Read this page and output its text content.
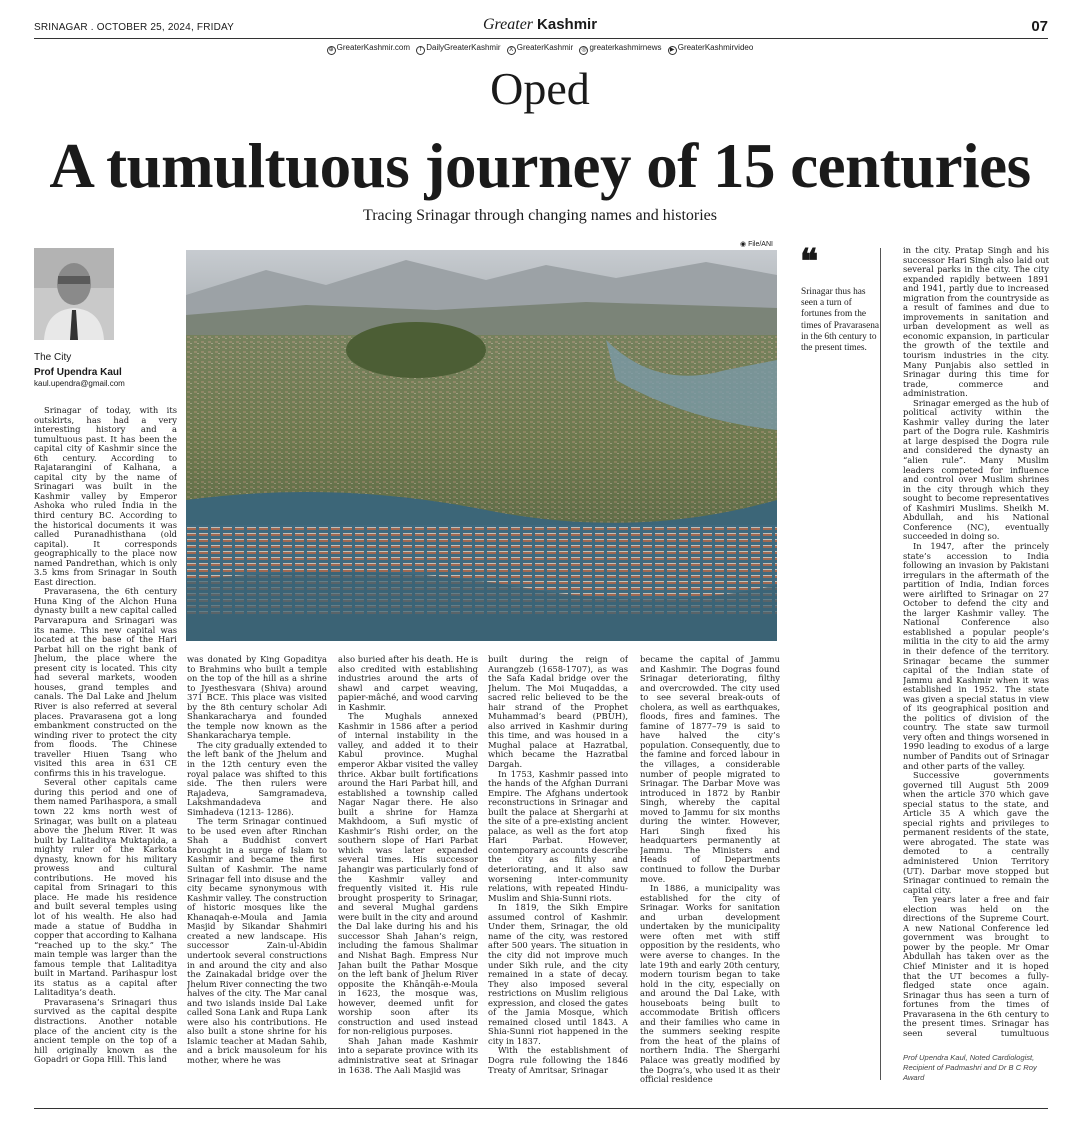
SRINAGAR . OCTOBER 25, 2024, FRIDAY	Greater Kashmir	07
⊕ GreaterKashmir.com f DailyGreaterKashmir X GreaterKashmir ◎ greaterkashmirnews ▶ GreaterKashmirvideo
Oped
A tumultuous journey of 15 centuries
Tracing Srinagar through changing names and histories
The City
Prof Upendra Kaul
kaul.upendra@gmail.com
◉ File/ANI

Srinagar of today, with its outskirts, has had a very interesting history and a tumultuous past. It has been the capital city of Kashmir since the 6th century. According to Rajatarangini of Kalhana, a capital city by the name of Srinagari was built in the Kashmir valley by Emperor Ashoka who ruled India in the third century BC. According to the historical documents it was called Puranadhisthana (old capital). It corresponds geographically to the place now named Pandrethan, which is only 3.5 kms from Srinagar in South East direction.

Pravarasena, the 6th century Huna King of the Alchon Huna dynasty built a new capital called Parvarapura and Srinagari was its name. This new capital was located at the base of the Hari Parbat hill on the right bank of Jhelum, the place where the present city is located. This city had several markets, wooden houses, grand temples and canals. The Dal Lake and Jhelum River is also referred at several places. Pravarasena got a long embankment constructed on the winding river to protect the city from floods. The Chinese traveller Hiuen Tsang who visited this area in 631 CE confirms this in his travelogue.

Several other capitals came during this period and one of them named Parihaspora, a small town 22 kms north west of Srinagar, was built on a plateau above the Jhelum River. It was built by Lalitaditya Muktapida, a mighty ruler of the Karkota dynasty, known for his military prowess and cultural contributions. He moved his capital from Srinagari to this place. He made his residence and built several temples using lot of his wealth. He also had made a statue of Buddha in copper that according to Kalhana “reached up to the sky.” The main temple was larger than the famous temple that Lalitaditya built in Martand. Parihaspur lost its status as a capital after Lalitaditya’s death.

Pravarasena’s Srinagari thus survived as the capital despite distractions. Another notable place of the ancient city is the ancient temple on the top of a hill originally known as the Gopadri or Gopa Hill. This land

was donated by King Gopaditya to Brahmins who built a temple on the top of the hill as a shrine to Jyesthesvara (Shiva) around 371 BCE. This place was visited by the 8th century scholar Adi Shankaracharya and founded the temple now known as the Shankaracharya temple.

The city gradually extended to the left bank of the Jhelum and in the 12th century even the royal palace was shifted to this side. The then rulers were Rajadeva, Samgramadeva, Lakshmandadeva and Simhadeva (1213- 1286).

The term Srinagar continued to be used even after Rinchan Shah a Buddhist convert brought in a surge of Islam to Kashmir and became the first Sultan of Kashmir. The name Srinagar fell into disuse and the city became synonymous with Kashmir valley. The construction of historic mosques like the Khanaqah-e-Moula and Jamia Masjid by Sikandar Shahmiri created a new landscape. His successor Zain-ul-Abidin undertook several constructions in and around the city and also the Zainakadal bridge over the Jhelum River connecting the two halves of the city. The Mar canal and two islands inside Dal Lake called Sona Lank and Rupa Lank were also his contributions. He also built a stone shrine for his Islamic teacher at Madan Sahib, and a brick mausoleum for his mother, where he was

also buried after his death. He is also credited with establishing industries around the arts of shawl and carpet weaving, papier-mâché, and wood carving in Kashmir.

The Mughals annexed Kashmir in 1586 after a period of internal instability in the valley, and added it to their Kabul province. Mughal emperor Akbar visited the valley thrice. Akbar built fortifications around the Hari Parbat hill, and established a township called Nagar Nagar there. He also built a shrine for Hamza Makhdoom, a Sufi mystic of Kashmir’s Rishi order, on the southern slope of Hari Parbat which was later expanded several times. His successor Jahangir was particularly fond of the Kashmir valley and frequently visited it. His rule brought prosperity to Srinagar, and several Mughal gardens were built in the city and around the Dal lake during his and his successor Shah Jahan’s reign, including the famous Shalimar and Nishat Bagh. Empress Nur Jahan built the Pathar Mosque on the left bank of Jhelum River opposite the Khānqāh-e-Moula in 1623, the mosque was, however, deemed unfit for worship soon after its construction and used instead for non-religious purposes.

Shah Jahan made Kashmir into a separate province with its administrative seat at Srinagar in 1638. The Aali Masjid was

built during the reign of Aurangzeb (1658-1707), as was the Safa Kadal bridge over the Jhelum. The Moi Muqaddas, a sacred relic believed to be the hair strand of the Prophet Muhammad’s beard (PBUH), also arrived in Kashmir during this time, and was housed in a Mughal palace at Hazratbal, which became the Hazratbal Dargah.

In 1753, Kashmir passed into the hands of the Afghan Durrani Empire. The Afghans undertook reconstructions in Srinagar and built the palace at Shergarhi at the site of a pre-existing ancient palace, as well as the fort atop Hari Parbat. However, contemporary accounts describe the city as filthy and deteriorating, and it also saw worsening inter-community relations, with repeated Hindu-Muslim and Shia-Sunni riots.

In 1819, the Sikh Empire assumed control of Kashmir. Under them, Srinagar, the old name of the city, was restored after 500 years. The situation in the city did not improve much under Sikh rule, and the city remained in a state of decay. They also imposed several restrictions on Muslim religious expression, and closed the gates of the Jamia Mosque, which remained closed until 1843. A Shia-Sunni riot happened in the city in 1837.

With the establishment of Dogra rule following the 1846 Treaty of Amritsar, Srinagar

became the capital of Jammu and Kashmir. The Dogras found Srinagar deteriorating, filthy and overcrowded. The city used to see several break-outs of cholera, as well as earthquakes, floods, fires and famines. The famine of 1877–79 is said to have halved the city’s population. Consequently, due to the famine and forced labour in the villages, a considerable number of people migrated to Srinagar. The Darbar Move was introduced in 1872 by Ranbir Singh, whereby the capital moved to Jammu for six months during the winter. However, Hari Singh fixed his headquarters permanently at Jammu. The Ministers and Heads of Departments continued to follow the Durbar move.

In 1886, a municipality was established for the city of Srinagar. Works for sanitation and urban development undertaken by the municipality were often met with stiff opposition by the residents, who were averse to changes. In the late 19th and early 20th century, modern tourism began to take hold in the city, especially on and around the Dal Lake, with houseboats being built to accommodate British officers and their families who came in the summers seeking respite from the heat of the plains of northern India. The Shergarhi Palace was greatly modified by the Dogra’s, who used it as their official residence

in the city. Pratap Singh and his successor Hari Singh also laid out several parks in the city. The city expanded rapidly between 1891 and 1941, partly due to increased migration from the countryside as a result of famines and due to improvements in sanitation and urban development as well as economic expansion, in particular the growth of the textile and tourism industries in the city. Many Punjabis also settled in Srinagar during this time for trade, commerce and administration.

Srinagar emerged as the hub of political activity within the Kashmir valley during the later part of the Dogra rule. Kashmiris at large despised the Dogra rule and considered the dynasty an “alien rule”. Many Muslim leaders competed for influence and control over Muslim shrines in the city through which they sought to become representatives of Kashmiri Muslims. Sheikh M. Abdullah, and his National Conference (NC), eventually succeeded in doing so.

In 1947, after the princely state’s accession to India following an invasion by Pakistani irregulars in the aftermath of the partition of India, Indian forces were airlifted to Srinagar on 27 October to defend the city and the larger Kashmir valley. The National Conference also established a popular people’s militia in the city to aid the army in their defence of the territory. Srinagar became the summer capital of the Indian state of Jammu and Kashmir when it was established in 1952. The state was given a special status in view of its geographical position and the politics of division of the country. The state saw turmoil very often and things worsened in 1990 leading to exodus of a large number of Pandits out of Srinagar and other parts of the valley.

Successive governments governed till August 5th 2009 when the article 370 which gave special status to the state, and Article 35 A which gave the special rights and privileges to permanent residents of the state, were abrogated. The state was demoted to a centrally administered Union Territory (UT). Darbar move stopped but Srinagar continued to remain the capital city.

Ten years later a free and fair election was held on the directions of the Supreme Court. A new National Conference led government was brought to power by the people. Mr Omar Abdullah has taken over as the Chief Minister and it is hoped that the UT becomes a fully-fledged state once again. Srinagar thus has seen a turn of fortunes from the times of Pravarasena in the 6th century to the present times. Srinagar has seen several tumultuous

❝
Srinagar thus has seen a turn of fortunes from the times of Pravarasena in the 6th century to the present times.
Prof Upendra Kaul, Noted Cardiologist, Recipient of Padmashri and Dr B C Roy Award
